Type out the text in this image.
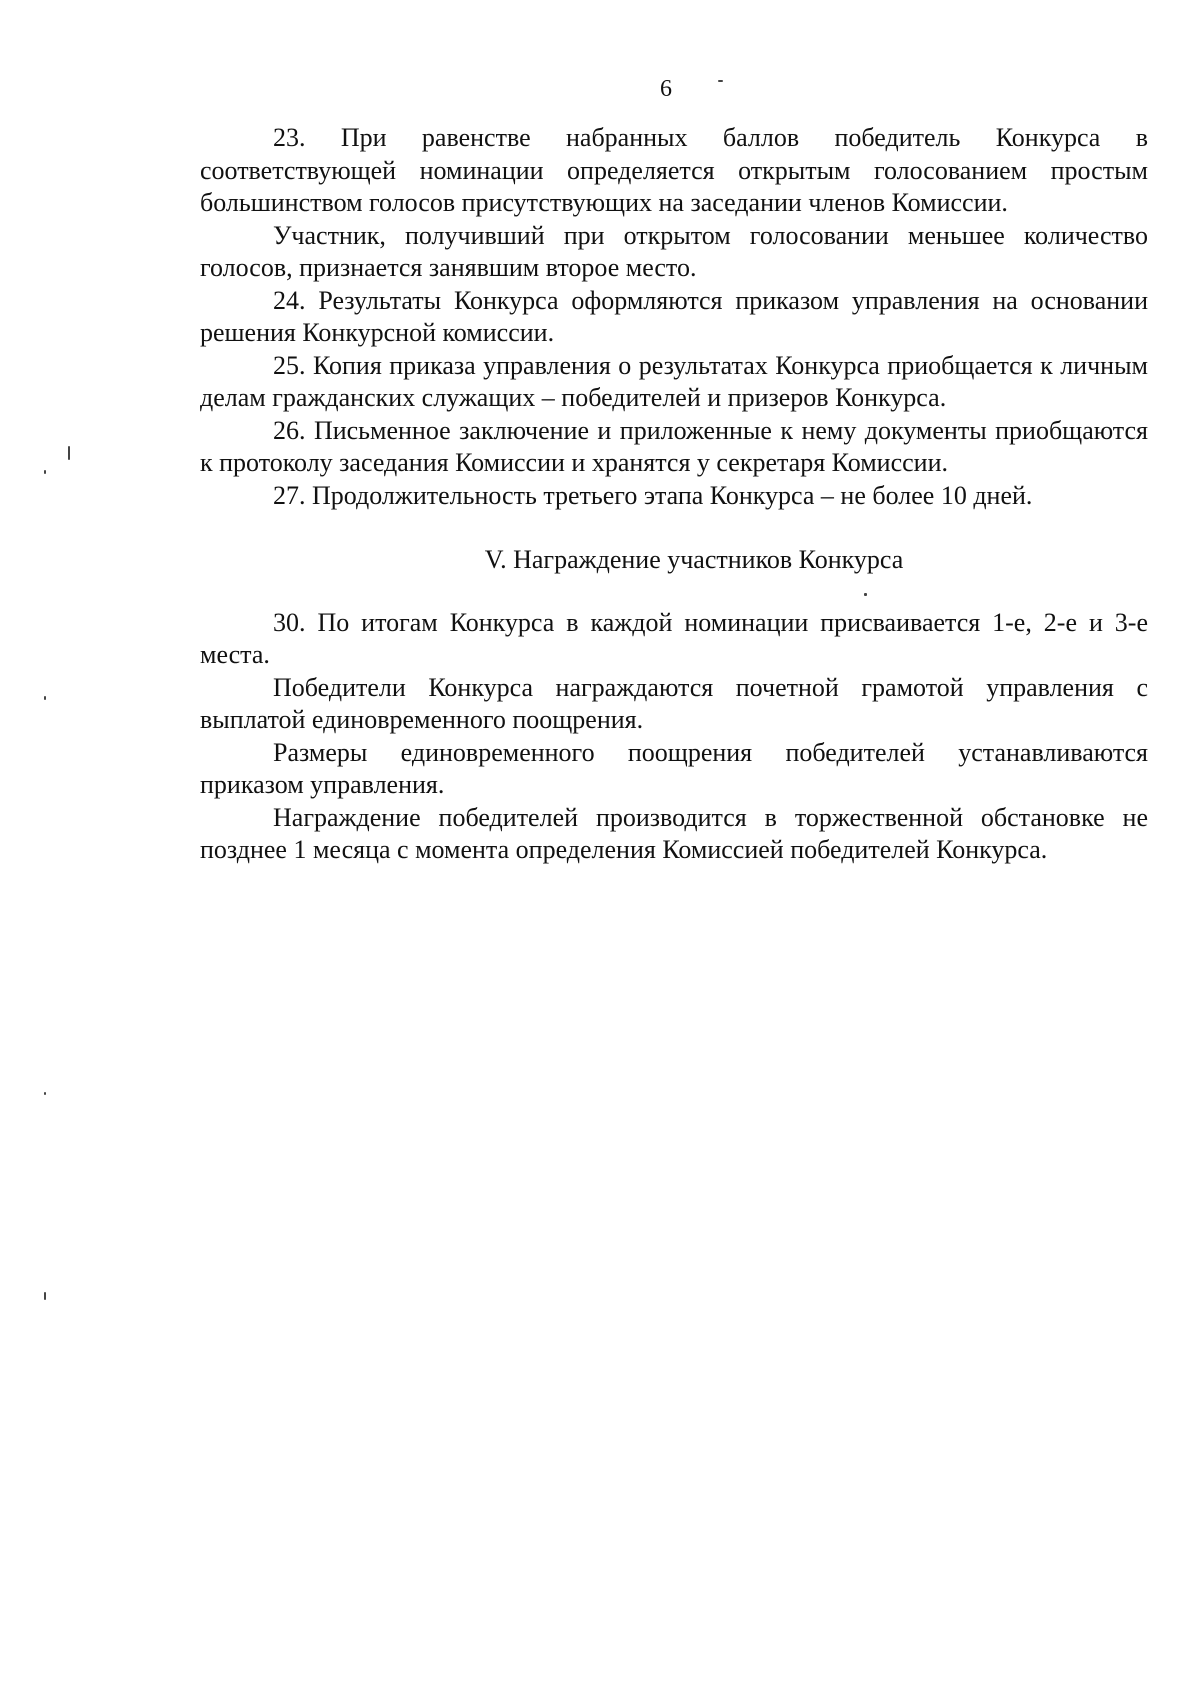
6

23. При равенстве набранных баллов победитель Конкурса в соответствующей номинации определяется открытым голосованием простым большинством голосов присутствующих на заседании членов Комиссии.

Участник, получивший при открытом голосовании меньшее количество голосов, признается занявшим второе место.

24. Результаты Конкурса оформляются приказом управления на основании решения Конкурсной комиссии.

25. Копия приказа управления о результатах Конкурса приобщается к личным делам гражданских служащих – победителей и призеров Конкурса.

26. Письменное заключение и приложенные к нему документы приобщаются к протоколу заседания Комиссии и хранятся у секретаря Комиссии.

27. Продолжительность третьего этапа Конкурса – не более 10 дней.

V. Награждение участников Конкурса

30. По итогам Конкурса в каждой номинации присваивается 1-е, 2-е и 3-е места.

Победители Конкурса награждаются почетной грамотой управления с выплатой единовременного поощрения.

Размеры единовременного поощрения победителей устанавливаются приказом управления.

Награждение победителей производится в торжественной обстановке не позднее 1 месяца с момента определения Комиссией победителей Конкурса.
